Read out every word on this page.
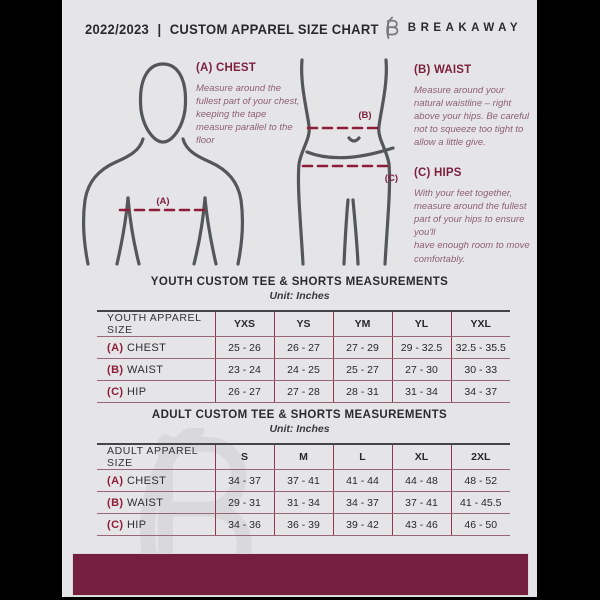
2022/2023 | CUSTOM APPAREL SIZE CHART	BREAKAWAY
(A)
(B)
(C)
(A) CHEST

Measure around the fullest part of your chest, keeping the tape measure parallel to the floor

(B) WAIST

Measure around your natural waistline – right above your hips. Be careful not to squeeze too tight to allow a little give.

(C) HIPS

With your feet together, measure around the fullest part of your hips to ensure you'll
have enough room to move comfortably.

YOUTH CUSTOM TEE & SHORTS MEASUREMENTS
Unit: Inches
YOUTH APPAREL SIZE	YXS	YS	YM	YL	YXL
(A) CHEST	25 - 26	26 - 27	27 - 29	29 - 32.5	32.5 - 35.5
(B) WAIST	23 - 24	24 - 25	25 - 27	27 - 30	30 - 33
(C) HIP	26 - 27	27 - 28	28 - 31	31 - 34	34 - 37
ADULT CUSTOM TEE & SHORTS MEASUREMENTS
Unit: Inches
ADULT APPAREL SIZE	S	M	L	XL	2XL
(A) CHEST	34 - 37	37 - 41	41 - 44	44 - 48	48 - 52
(B) WAIST	29 - 31	31 - 34	34 - 37	37 - 41	41 - 45.5
(C) HIP	34 - 36	36 - 39	39 - 42	43 - 46	46 - 50
